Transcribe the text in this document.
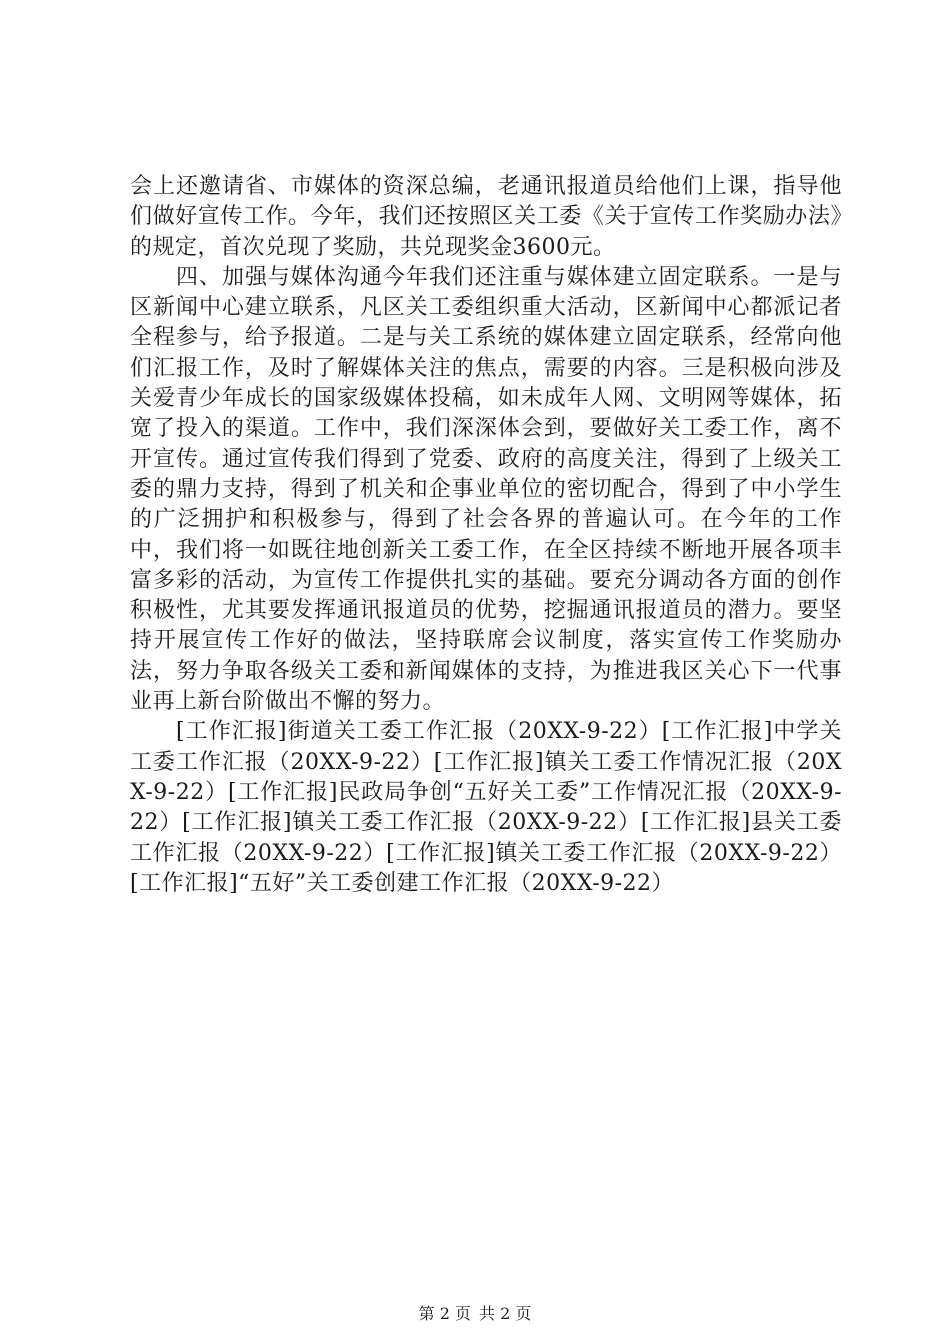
会上还邀请省、市媒体的资深总编，老通讯报道员给他们上课，指导他们做好宣传工作。今年，我们还按照区关工委《关于宣传工作奖励办法》的规定，首次兑现了奖励，共兑现奖金3600元。

四、加强与媒体沟通今年我们还注重与媒体建立固定联系。一是与区新闻中心建立联系，凡区关工委组织重大活动，区新闻中心都派记者全程参与，给予报道。二是与关工系统的媒体建立固定联系，经常向他们汇报工作，及时了解媒体关注的焦点，需要的内容。三是积极向涉及关爱青少年成长的国家级媒体投稿，如未成年人网、文明网等媒体，拓宽了投入的渠道。工作中，我们深深体会到，要做好关工委工作，离不开宣传。通过宣传我们得到了党委、政府的高度关注，得到了上级关工委的鼎力支持，得到了机关和企事业单位的密切配合，得到了中小学生的广泛拥护和积极参与，得到了社会各界的普遍认可。在今年的工作中，我们将一如既往地创新关工委工作，在全区持续不断地开展各项丰富多彩的活动，为宣传工作提供扎实的基础。要充分调动各方面的创作积极性，尤其要发挥通讯报道员的优势，挖掘通讯报道员的潜力。要坚持开展宣传工作好的做法，坚持联席会议制度，落实宣传工作奖励办法，努力争取各级关工委和新闻媒体的支持，为推进我区关心下一代事业再上新台阶做出不懈的努力。

[工作汇报]街道关工委工作汇报（20XX-9-22）[工作汇报]中学关工委工作汇报（20XX-9-22）[工作汇报]镇关工委工作情况汇报（20XX-9-22）[工作汇报]民政局争创“五好关工委”工作情况汇报（20XX-9-22）[工作汇报]镇关工委工作汇报（20XX-9-22）[工作汇报]县关工委工作汇报（20XX-9-22）[工作汇报]镇关工委工作汇报（20XX-9-22）[工作汇报]“五好”关工委创建工作汇报（20XX-9-22）

第 2 页 共 2 页
